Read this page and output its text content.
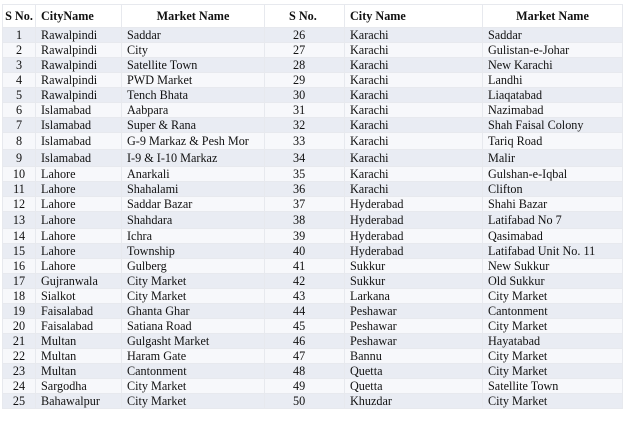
S No.	CityName	Market Name	S No.	City Name	Market Name
1	Rawalpindi	Saddar	26	Karachi	Saddar
2	Rawalpindi	City	27	Karachi	Gulistan-e-Johar
3	Rawalpindi	Satellite Town	28	Karachi	New Karachi
4	Rawalpindi	PWD Market	29	Karachi	Landhi
5	Rawalpindi	Tench Bhata	30	Karachi	Liaqatabad
6	Islamabad	Aabpara	31	Karachi	Nazimabad
7	Islamabad	Super & Rana	32	Karachi	Shah Faisal Colony
8	Islamabad	G-9 Markaz & Pesh Mor	33	Karachi	Tariq Road
9	Islamabad	I-9 & I-10 Markaz	34	Karachi	Malir
10	Lahore	Anarkali	35	Karachi	Gulshan-e-Iqbal
11	Lahore	Shahalami	36	Karachi	Clifton
12	Lahore	Saddar Bazar	37	Hyderabad	Shahi Bazar
13	Lahore	Shahdara	38	Hyderabad	Latifabad No 7
14	Lahore	Ichra	39	Hyderabad	Qasimabad
15	Lahore	Township	40	Hyderabad	Latifabad Unit No. 11
16	Lahore	Gulberg	41	Sukkur	New Sukkur
17	Gujranwala	City Market	42	Sukkur	Old Sukkur
18	Sialkot	City Market	43	Larkana	City Market
19	Faisalabad	Ghanta Ghar	44	Peshawar	Cantonment
20	Faisalabad	Satiana Road	45	Peshawar	City Market
21	Multan	Gulgasht Market	46	Peshawar	Hayatabad
22	Multan	Haram Gate	47	Bannu	City Market
23	Multan	Cantonment	48	Quetta	City Market
24	Sargodha	City Market	49	Quetta	Satellite Town
25	Bahawalpur	City Market	50	Khuzdar	City Market
